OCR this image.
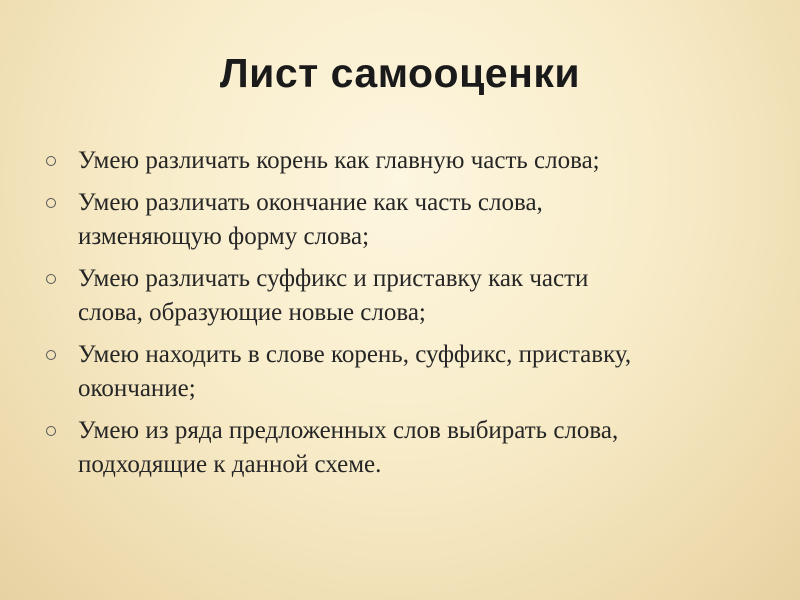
Лист самооценки
Умею различать корень как главную часть слова;
Умею различать окончание как часть слова,
изменяющую форму слова;
Умею различать суффикс и приставку как части
слова, образующие новые слова;
Умею находить в слове корень, суффикс, приставку,
окончание;
Умею из ряда предложенных слов выбирать слова,
подходящие к данной схеме.
